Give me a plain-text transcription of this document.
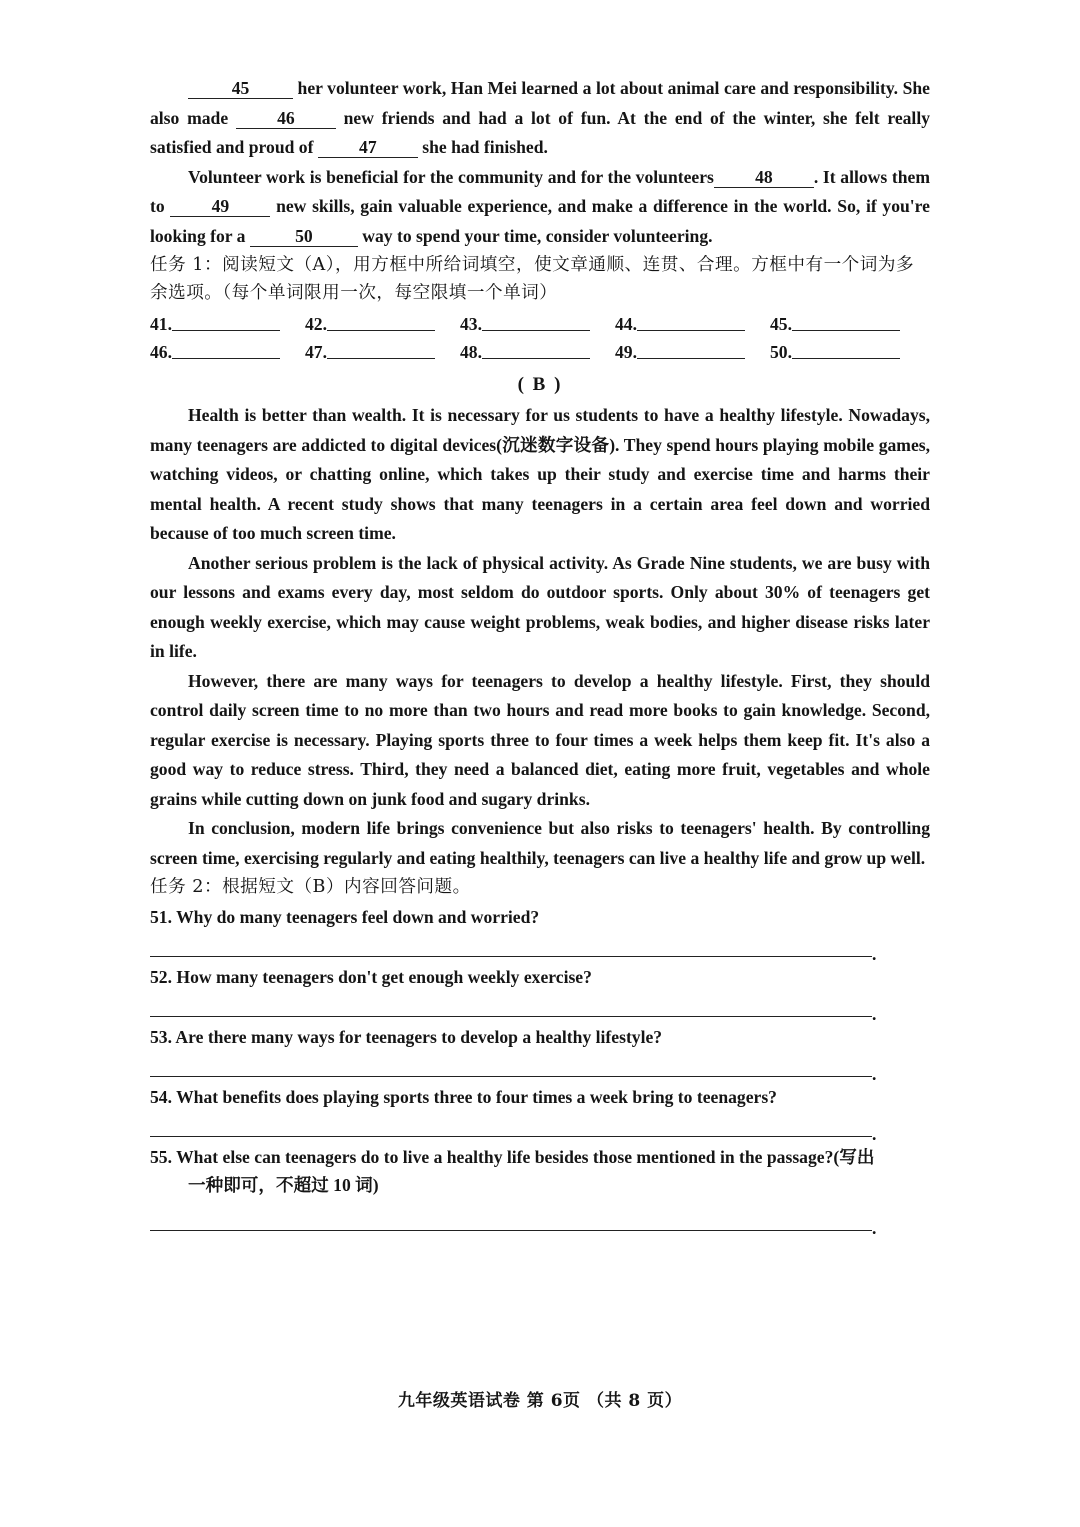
45 her volunteer work, Han Mei learned a lot about animal care and responsibility. She also made 46 new friends and had a lot of fun. At the end of the winter, she felt really satisfied and proud of 47 she had finished.

Volunteer work is beneficial for the community and for the volunteers 48 . It allows them to 49 new skills, gain valuable experience, and make a difference in the world. So, if you're looking for a	50	way to spend your time, consider volunteering.

任务 1：阅读短文（A），用方框中所给词填空，使文章通顺、连贯、合理。方框中有一个词为多余选项。（每个单词限用一次，每空限填一个单词）

41.	42.	43.	44.	45.
46.	47.	48.	49.	50.
( B )

Health is better than wealth. It is necessary for us students to have a healthy lifestyle. Nowadays, many teenagers are addicted to digital devices(沉迷数字设备). They spend hours playing mobile games, watching videos, or chatting online, which takes up their study and exercise time and harms their mental health. A recent study shows that many teenagers in a certain area feel down and worried because of too much screen time.

Another serious problem is the lack of physical activity. As Grade Nine students, we are busy with our lessons and exams every day, most seldom do outdoor sports. Only about 30% of teenagers get enough weekly exercise, which may cause weight problems, weak bodies, and higher disease risks later in life.

However, there are many ways for teenagers to develop a healthy lifestyle. First, they should control daily screen time to no more than two hours and read more books to gain knowledge. Second, regular exercise is necessary. Playing sports three to four times a week helps them keep fit. It's also a good way to reduce stress. Third, they need a balanced diet, eating more fruit, vegetables and whole grains while cutting down on junk food and sugary drinks.

In conclusion, modern life brings convenience but also risks to teenagers' health. By controlling screen time, exercising regularly and eating healthily, teenagers can live a healthy life and grow up well.

任务 2：根据短文（B）内容回答问题。

51. Why do many teenagers feel down and worried?

.

52. How many teenagers don't get enough weekly exercise?

.

53. Are there many ways for teenagers to develop a healthy lifestyle?

.

54. What benefits does playing sports three to four times a week bring to teenagers?

.

55. What else can teenagers do to live a healthy life besides those mentioned in the passage?(写出一种即可，不超过 10 词)

.
九年级英语试卷 第 6页 （共 8 页）
